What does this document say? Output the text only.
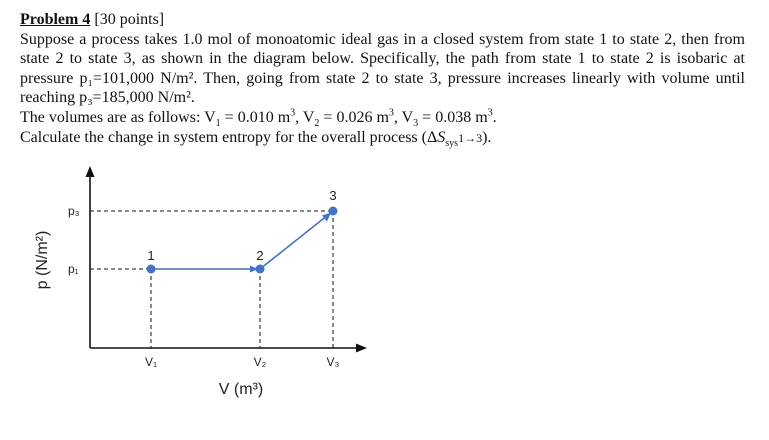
Problem 4 [30 points]

Suppose a process takes 1.0 mol of monoatomic ideal gas in a closed system from state 1 to state 2, then from state 2 to state 3, as shown in the diagram below. Specifically, the path from state 1 to state 2 is isobaric at pressure p₁=101,000 N/m². Then, going from state 2 to state 3, pressure increases linearly with volume until reaching p₃=185,000 N/m².

The volumes are as follows: $V_1 = 0.010$ $m^3$, $V_2 = 0.026$ $m^3$, $V_3 = 0.038$ $m^3$.

Calculate the change in system entropy for the overall process $(\Delta S_{sys}1\to 3)$.

1	2
3
p₃
p₁
V₁	V₂	V₃
V (m³)
p (N/m²)
